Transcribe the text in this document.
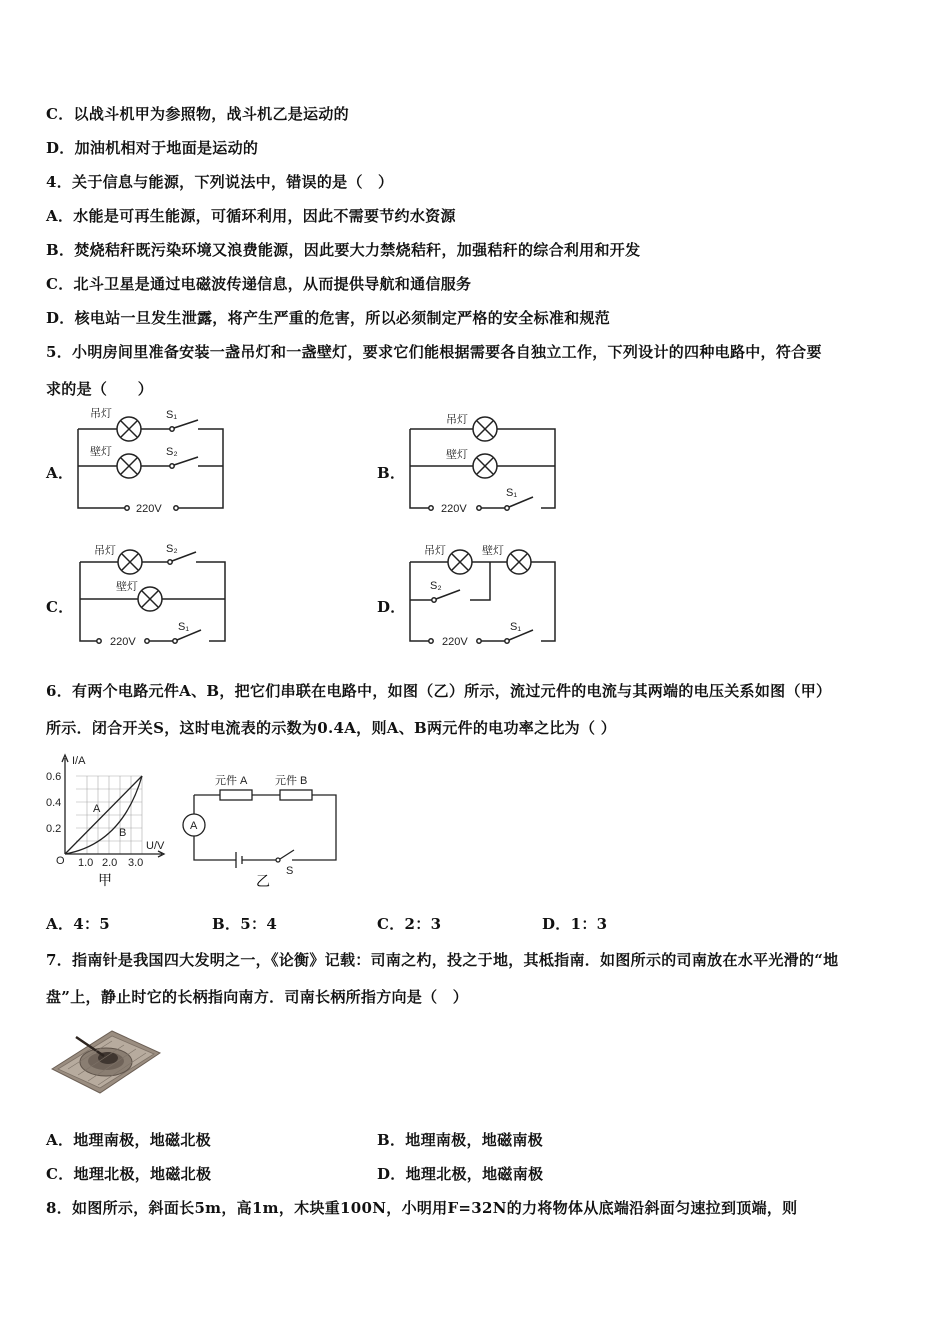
C．以战斗机甲为参照物，战斗机乙是运动的
D．加油机相对于地面是运动的
4．关于信息与能源，下列说法中，错误的是（　）
A．水能是可再生能源，可循环利用，因此不需要节约水资源
B．焚烧秸秆既污染环境又浪费能源，因此要大力禁烧秸秆，加强秸秆的综合利用和开发
C．北斗卫星是通过电磁波传递信息，从而提供导航和通信服务
D．核电站一旦发生泄露，将产生严重的危害，所以必须制定严格的安全标准和规范
5．小明房间里准备安装一盏吊灯和一盏壁灯，要求它们能根据需要各自独立工作，下列设计的四种电路中，符合要
求的是（　　）
A．	B．
C．	D．
吊灯
壁灯
S₁
S₂
220V
吊灯
壁灯
220V
S₁
吊灯	S₂
壁灯
220V
S₁
吊灯	壁灯
S₂
220V
S₁
6．有两个电路元件A、B，把它们串联在电路中，如图（乙）所示，流过元件的电流与其两端的电压关系如图（甲）
所示．闭合开关S，这时电流表的示数为0.4A，则A、B两元件的电功率之比为（ ）
I/A
U/V
0.6
0.4
0.2
O 1.0 2.0 3.0
A
B
甲
元件 A	元件 B
A
S
乙
A．4：5	B．5：4	C．2：3	D．1：3
7．指南针是我国四大发明之一，《论衡》记载：司南之杓，投之于地，其柢指南．如图所示的司南放在水平光滑的“地
盘”上，静止时它的长柄指向南方．司南长柄所指方向是（　）
A．地理南极，地磁北极	B．地理南极，地磁南极
C．地理北极，地磁北极	D．地理北极，地磁南极
8．如图所示，斜面长5m，高1m，木块重100N，小明用F=32N的力将物体从底端沿斜面匀速拉到顶端，则
